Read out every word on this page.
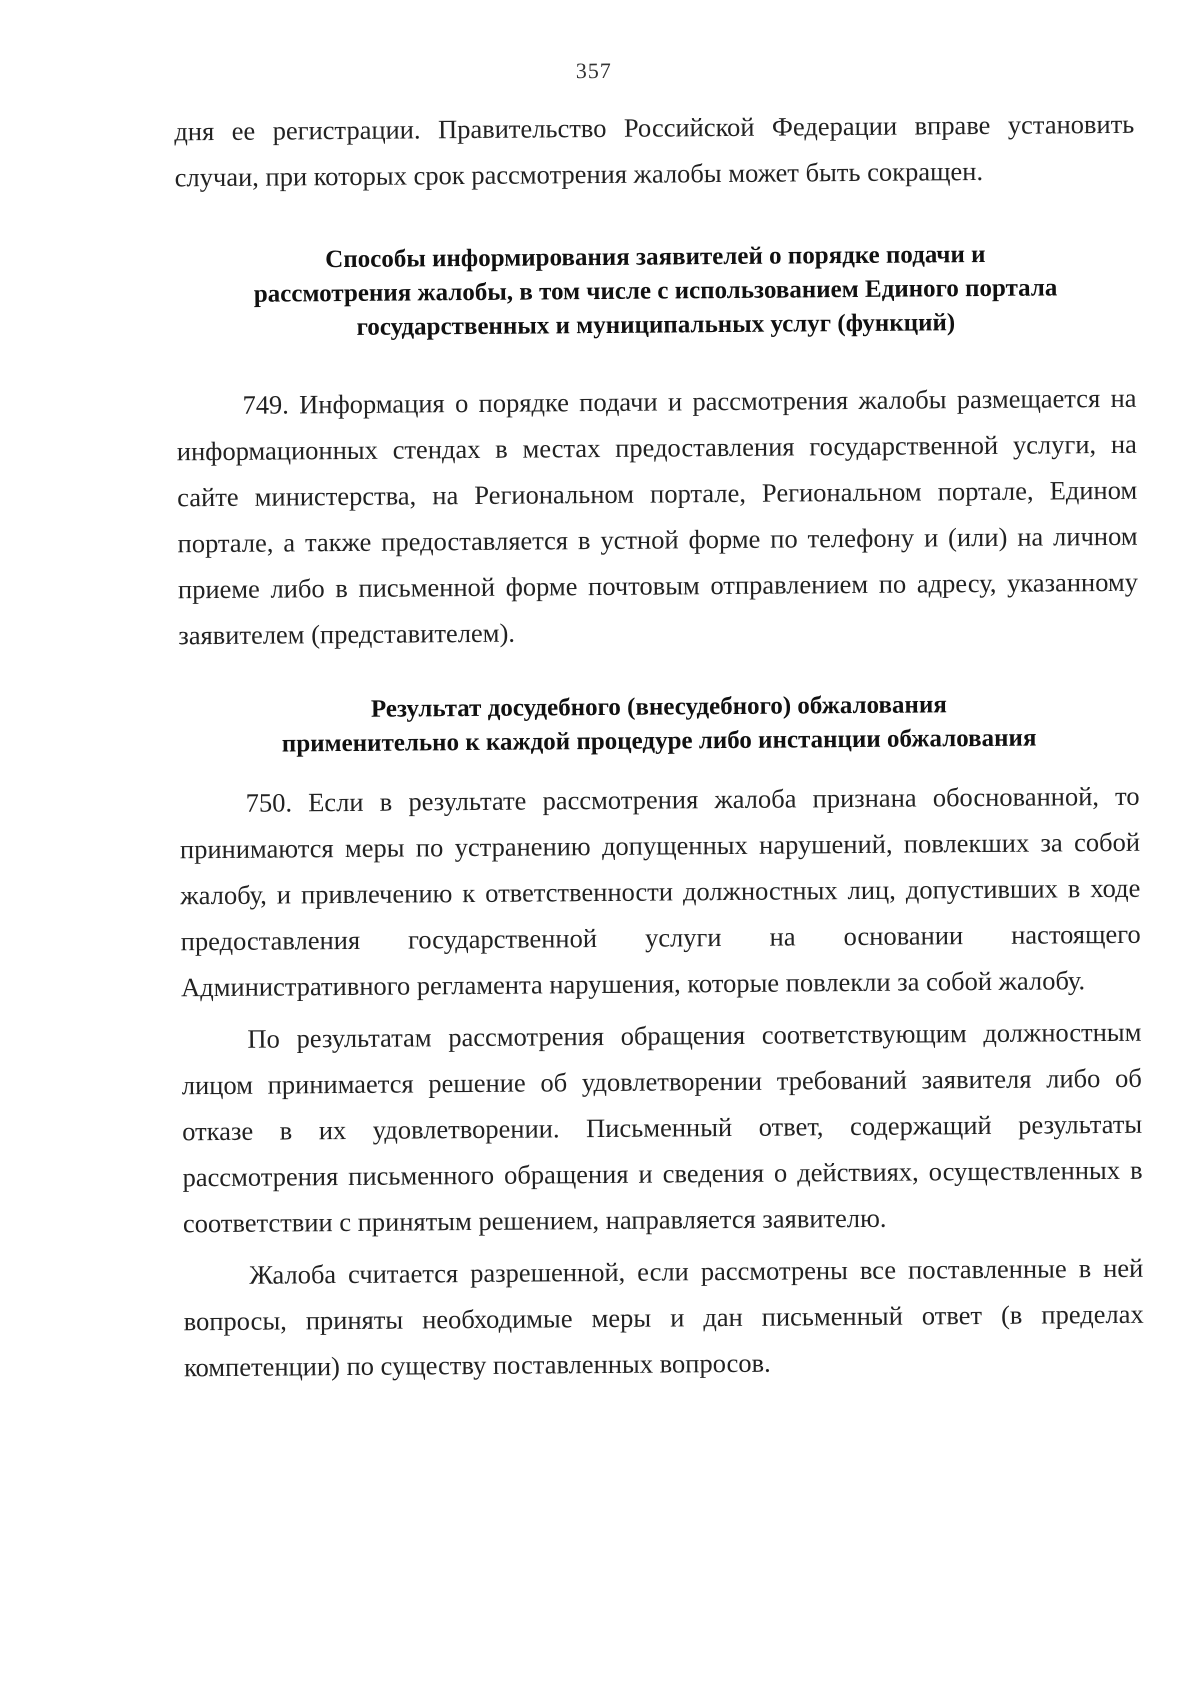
357

дня ее регистрации. Правительство Российской Федерации вправе установить случаи, при которых срок рассмотрения жалобы может быть сокращен.

Способы информирования заявителей о порядке подачи и
рассмотрения жалобы, в том числе с использованием Единого портала
государственных и муниципальных услуг (функций)

749. Информация о порядке подачи и рассмотрения жалобы размещается на информационных стендах в местах предоставления государственной услуги, на сайте министерства, на Региональном портале, Региональном портале, Едином портале, а также предоставляется в устной форме по телефону и (или) на личном приеме либо в письменной форме почтовым отправлением по адресу, указанному заявителем (представителем).

Результат досудебного (внесудебного) обжалования
применительно к каждой процедуре либо инстанции обжалования

750. Если в результате рассмотрения жалоба признана обоснованной, то принимаются меры по устранению допущенных нарушений, повлекших за собой жалобу, и привлечению к ответственности должностных лиц, допустивших в ходе предоставления государственной услуги на основании настоящего Административного регламента нарушения, которые повлекли за собой жалобу.

По результатам рассмотрения обращения соответствующим должностным лицом принимается решение об удовлетворении требований заявителя либо об отказе в их удовлетворении. Письменный ответ, содержащий результаты рассмотрения письменного обращения и сведения о действиях, осуществленных в соответствии с принятым решением, направляется заявителю.

Жалоба считается разрешенной, если рассмотрены все поставленные в ней вопросы, приняты необходимые меры и дан письменный ответ (в пределах компетенции) по существу поставленных вопросов.
